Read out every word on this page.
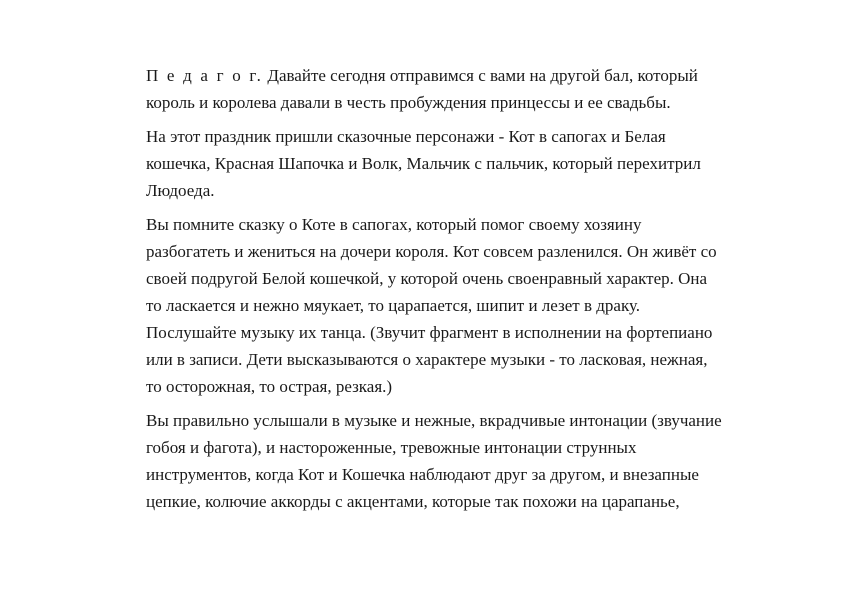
П е д а г о г. Давайте сегодня отправимся с вами на другой бал, который
король и королева давали в честь пробуждения принцессы и ее свадьбы.

На этот праздник пришли сказочные персонажи - Кот в сапогах и Белая
кошечка, Красная Шапочка и Волк, Мальчик с пальчик, который перехитрил
Людоеда.

Вы помните сказку о Коте в сапогах, который помог своему хозяину
разбогатеть и жениться на дочери короля. Кот совсем разленился. Он живёт со
своей подругой Белой кошечкой, у которой очень своенравный характер. Она
то ласкается и нежно мяукает, то царапается, шипит и лезет в драку.
Послушайте музыку их танца. (Звучит фрагмент в исполнении на фортепиано
или в записи. Дети высказываются о характере музыки - то ласковая, нежная,
то осторожная, то острая, резкая.)

Вы правильно услышали в музыке и нежные, вкрадчивые интонации (звучание
гобоя и фагота), и настороженные, тревожные интонации струнных
инструментов, когда Кот и Кошечка наблюдают друг за другом, и внезапные
цепкие, колючие аккорды с акцентами, которые так похожи на царапанье,
